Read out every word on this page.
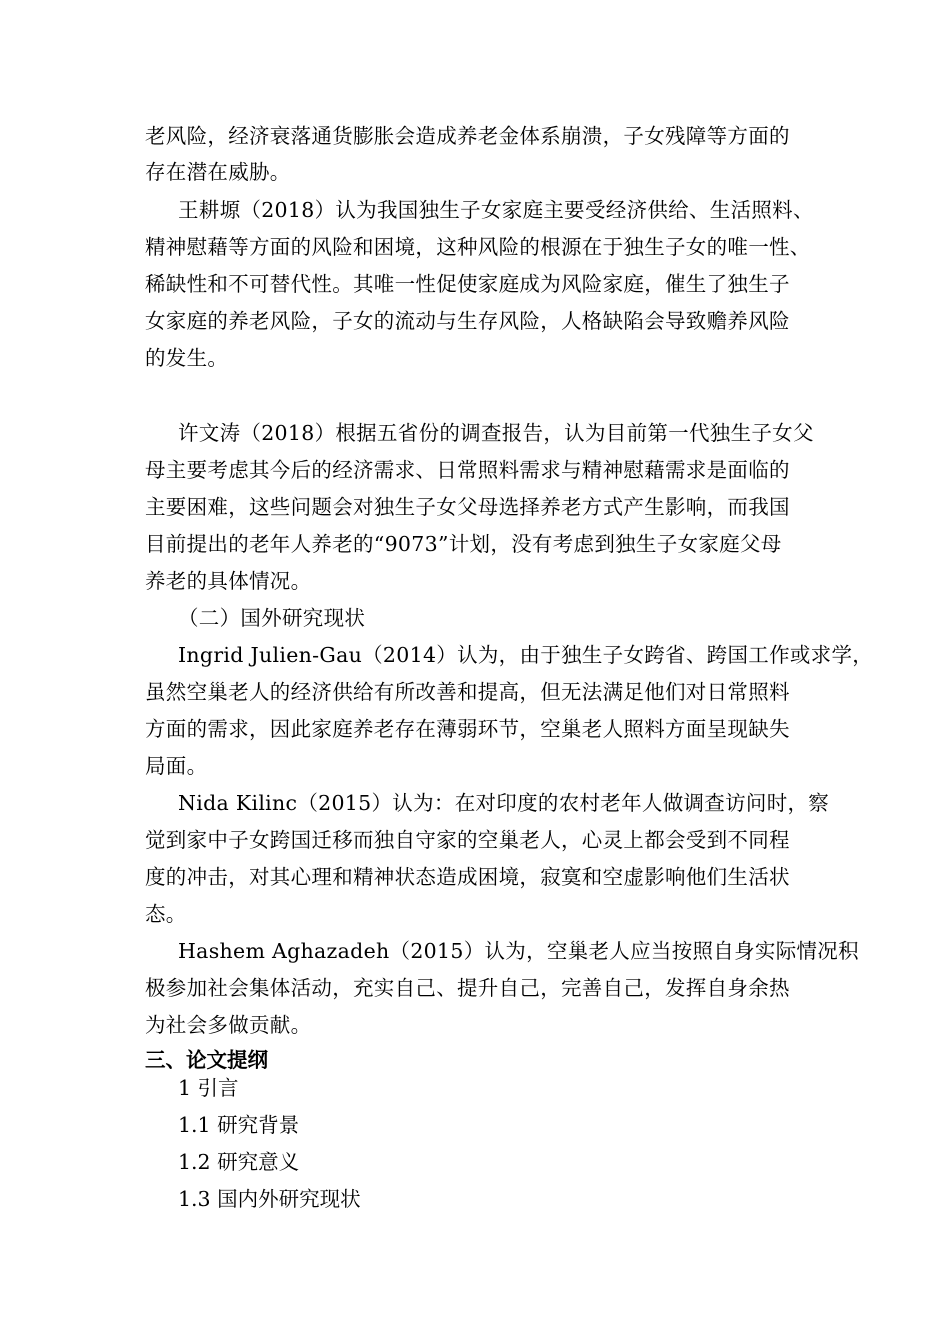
老风险，经济衰落通货膨胀会造成养老金体系崩溃，子女残障等方面的
存在潜在威胁。
王耕塬（2018）认为我国独生子女家庭主要受经济供给、生活照料、
精神慰藉等方面的风险和困境，这种风险的根源在于独生子女的唯一性、
稀缺性和不可替代性。其唯一性促使家庭成为风险家庭，催生了独生子
女家庭的养老风险，子女的流动与生存风险，人格缺陷会导致赡养风险
的发生。
许文涛（2018）根据五省份的调查报告，认为目前第一代独生子女父
母主要考虑其今后的经济需求、日常照料需求与精神慰藉需求是面临的
主要困难，这些问题会对独生子女父母选择养老方式产生影响，而我国
目前提出的老年人养老的“9073”计划，没有考虑到独生子女家庭父母
养老的具体情况。
（二）国外研究现状
Ingrid Julien-Gau（2014）认为，由于独生子女跨省、跨国工作或求学，
虽然空巢老人的经济供给有所改善和提高，但无法满足他们对日常照料
方面的需求，因此家庭养老存在薄弱环节，空巢老人照料方面呈现缺失
局面。
Nida Kilinc（2015）认为：在对印度的农村老年人做调查访问时，察
觉到家中子女跨国迁移而独自守家的空巢老人，心灵上都会受到不同程
度的冲击，对其心理和精神状态造成困境，寂寞和空虚影响他们生活状
态。
Hashem Aghazadeh（2015）认为，空巢老人应当按照自身实际情况积
极参加社会集体活动，充实自己、提升自己，完善自己，发挥自身余热
为社会多做贡献。
三、论文提纲
1 引言
1.1 研究背景
1.2 研究意义
1.3 国内外研究现状
